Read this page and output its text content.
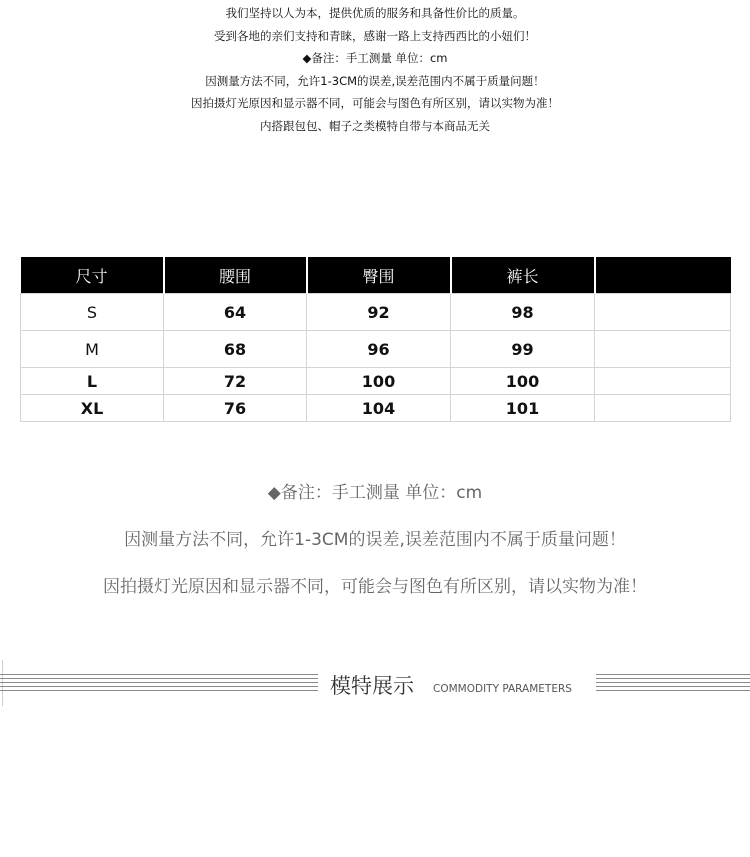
我们坚持以人为本，提供优质的服务和具备性价比的质量。
受到各地的亲们支持和青睐，感谢一路上支持西西比的小妞们！
◆备注：手工测量 单位：cm
因测量方法不同，允许1-3CM的误差,误差范围内不属于质量问题！
因拍摄灯光原因和显示器不同，可能会与图色有所区别，请以实物为准！
内搭跟包包、帽子之类模特自带与本商品无关
尺寸	腰围	臀围	裤长	
S	64	92	98	
M	68	96	99	
L	72	100	100	
XL	76	104	101	
◆备注：手工测量 单位：cm
因测量方法不同，允许1-3CM的误差,误差范围内不属于质量问题！
因拍摄灯光原因和显示器不同，可能会与图色有所区别，请以实物为准！
模特展示 COMMODITY PARAMETERS
